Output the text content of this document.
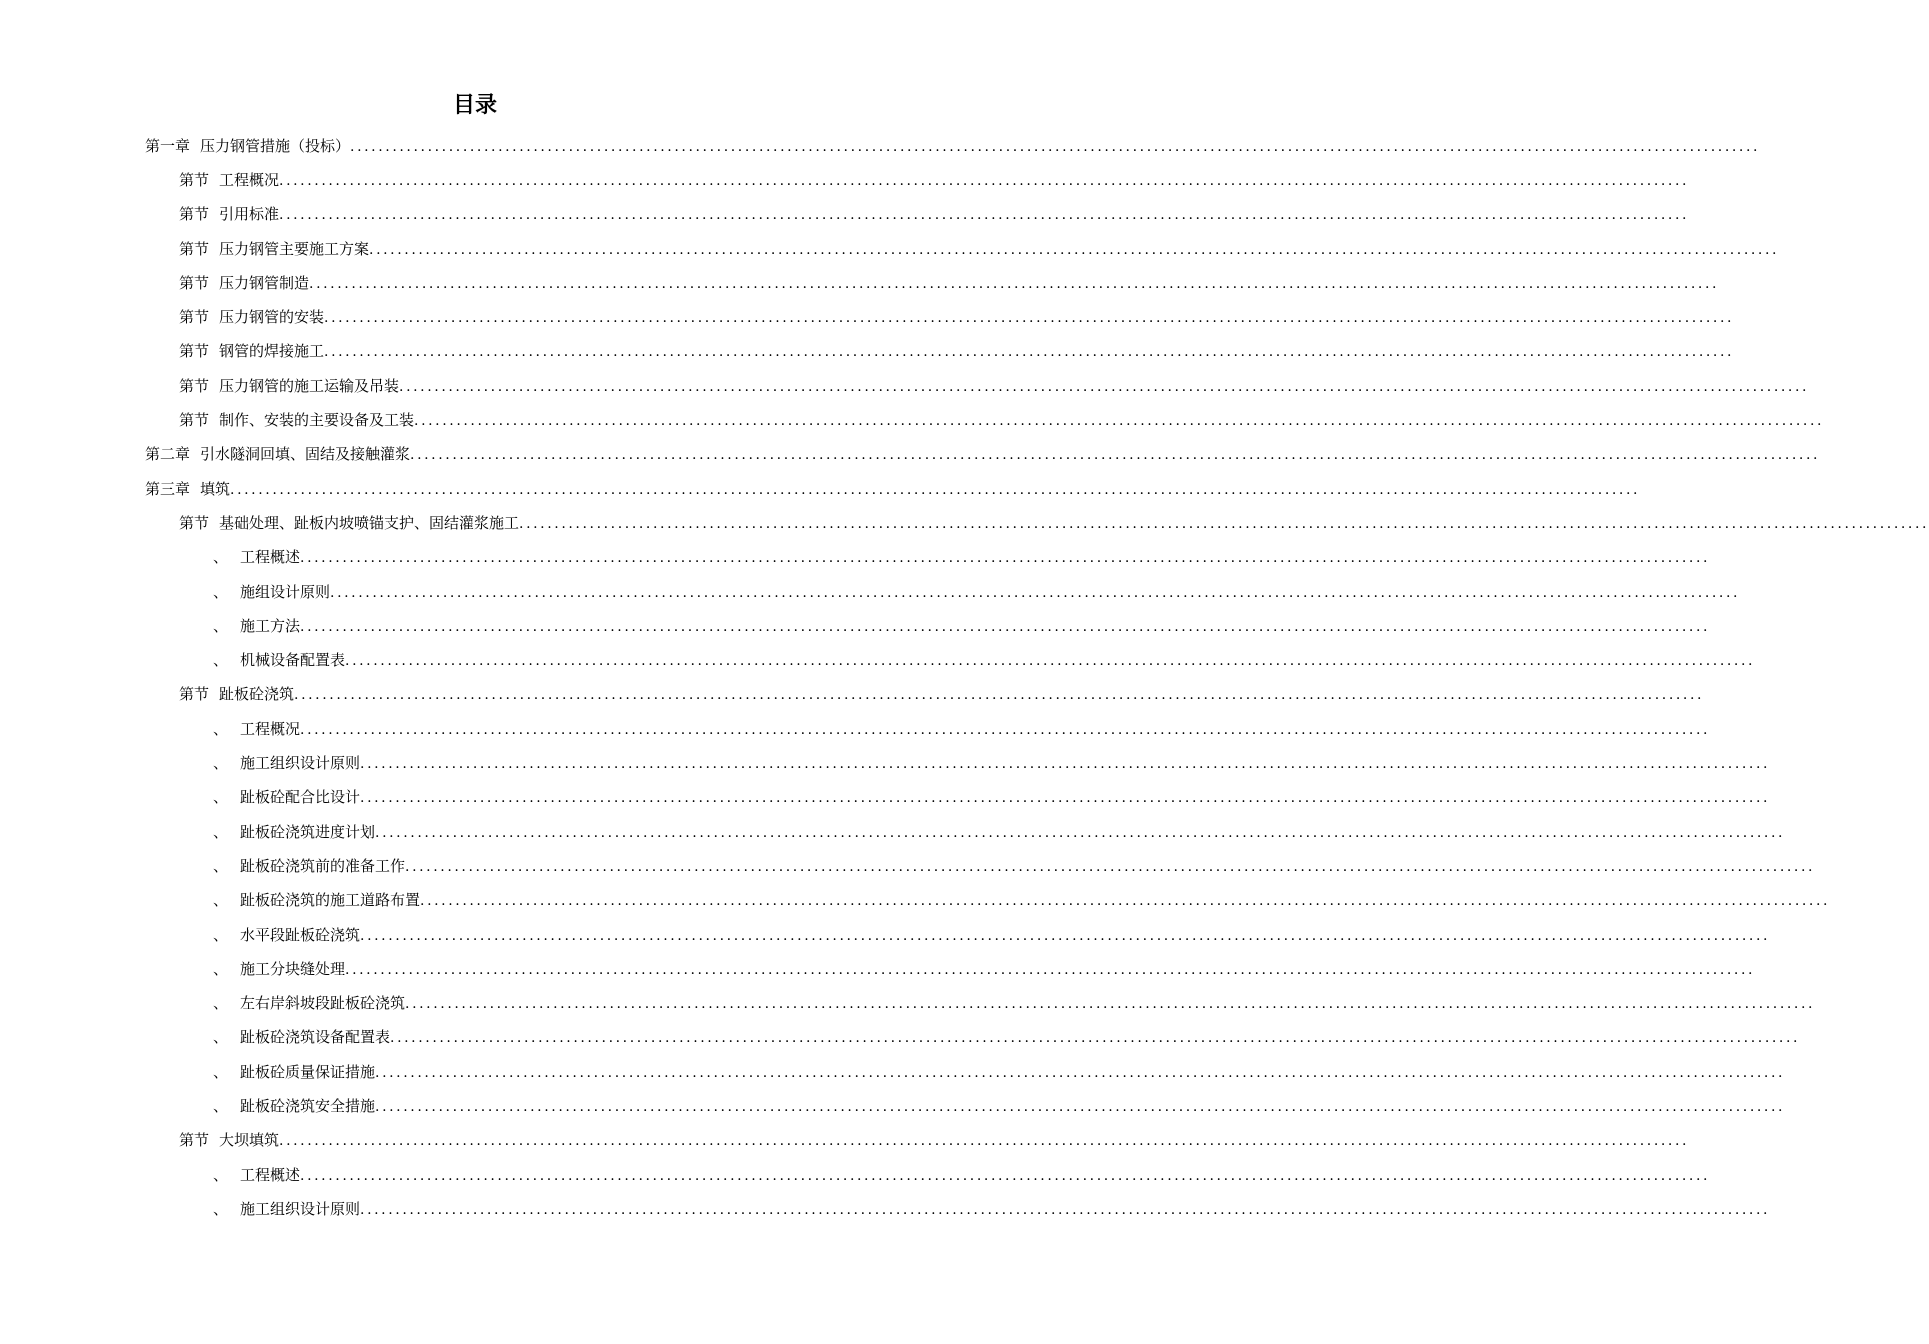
目录
第一章 压力钢管措施（投标） ........................................................................................................................................................................................................
第节 工程概况 ........................................................................................................................................................................................................
第节 引用标准 ........................................................................................................................................................................................................
第节 压力钢管主要施工方案 ........................................................................................................................................................................................................
第节 压力钢管制造 ........................................................................................................................................................................................................
第节 压力钢管的安装 ........................................................................................................................................................................................................
第节 钢管的焊接施工 ........................................................................................................................................................................................................
第节 压力钢管的施工运输及吊装 ........................................................................................................................................................................................................
第节 制作、安装的主要设备及工装 ........................................................................................................................................................................................................
第二章 引水隧洞回填、固结及接触灌浆 ........................................................................................................................................................................................................
第三章 填筑 ........................................................................................................................................................................................................
第节 基础处理、趾板内坡喷锚支护、固结灌浆施工 ........................................................................................................................................................................................................
、 工程概述 ........................................................................................................................................................................................................
、 施组设计原则 ........................................................................................................................................................................................................
、 施工方法 ........................................................................................................................................................................................................
、 机械设备配置表 ........................................................................................................................................................................................................
第节 趾板砼浇筑 ........................................................................................................................................................................................................
、 工程概况 ........................................................................................................................................................................................................
、 施工组织设计原则 ........................................................................................................................................................................................................
、 趾板砼配合比设计 ........................................................................................................................................................................................................
、 趾板砼浇筑进度计划 ........................................................................................................................................................................................................
、 趾板砼浇筑前的准备工作 ........................................................................................................................................................................................................
、 趾板砼浇筑的施工道路布置 ........................................................................................................................................................................................................
、 水平段趾板砼浇筑 ........................................................................................................................................................................................................
、 施工分块缝处理 ........................................................................................................................................................................................................
、 左右岸斜坡段趾板砼浇筑 ........................................................................................................................................................................................................
、 趾板砼浇筑设备配置表 ........................................................................................................................................................................................................
、 趾板砼质量保证措施 ........................................................................................................................................................................................................
、 趾板砼浇筑安全措施 ........................................................................................................................................................................................................
第节 大坝填筑 ........................................................................................................................................................................................................
、 工程概述 ........................................................................................................................................................................................................
、 施工组织设计原则 ........................................................................................................................................................................................................
